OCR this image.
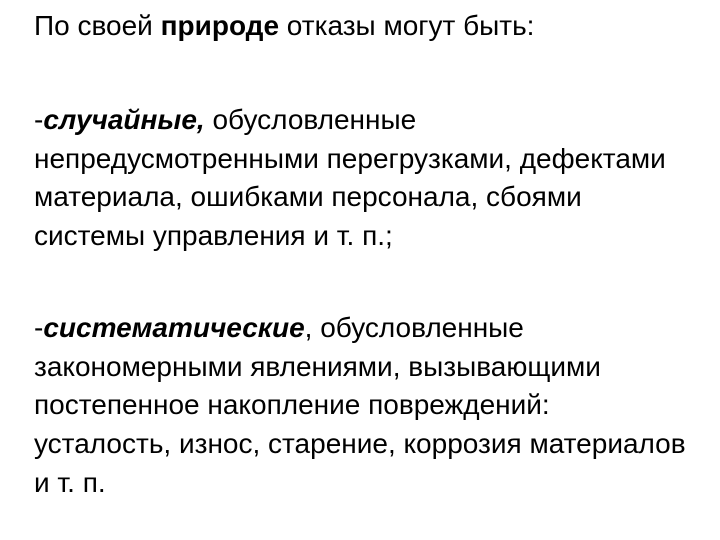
По своей природе отказы могут быть:
-случайные, обусловленные
непредусмотренными перегрузками, дефектами
материала, ошибками персонала, сбоями
системы управления и т. п.;
-систематические, обусловленные
закономерными явлениями, вызывающими
постепенное накопление повреждений:
усталость, износ, старение, коррозия материалов
и т. п.
